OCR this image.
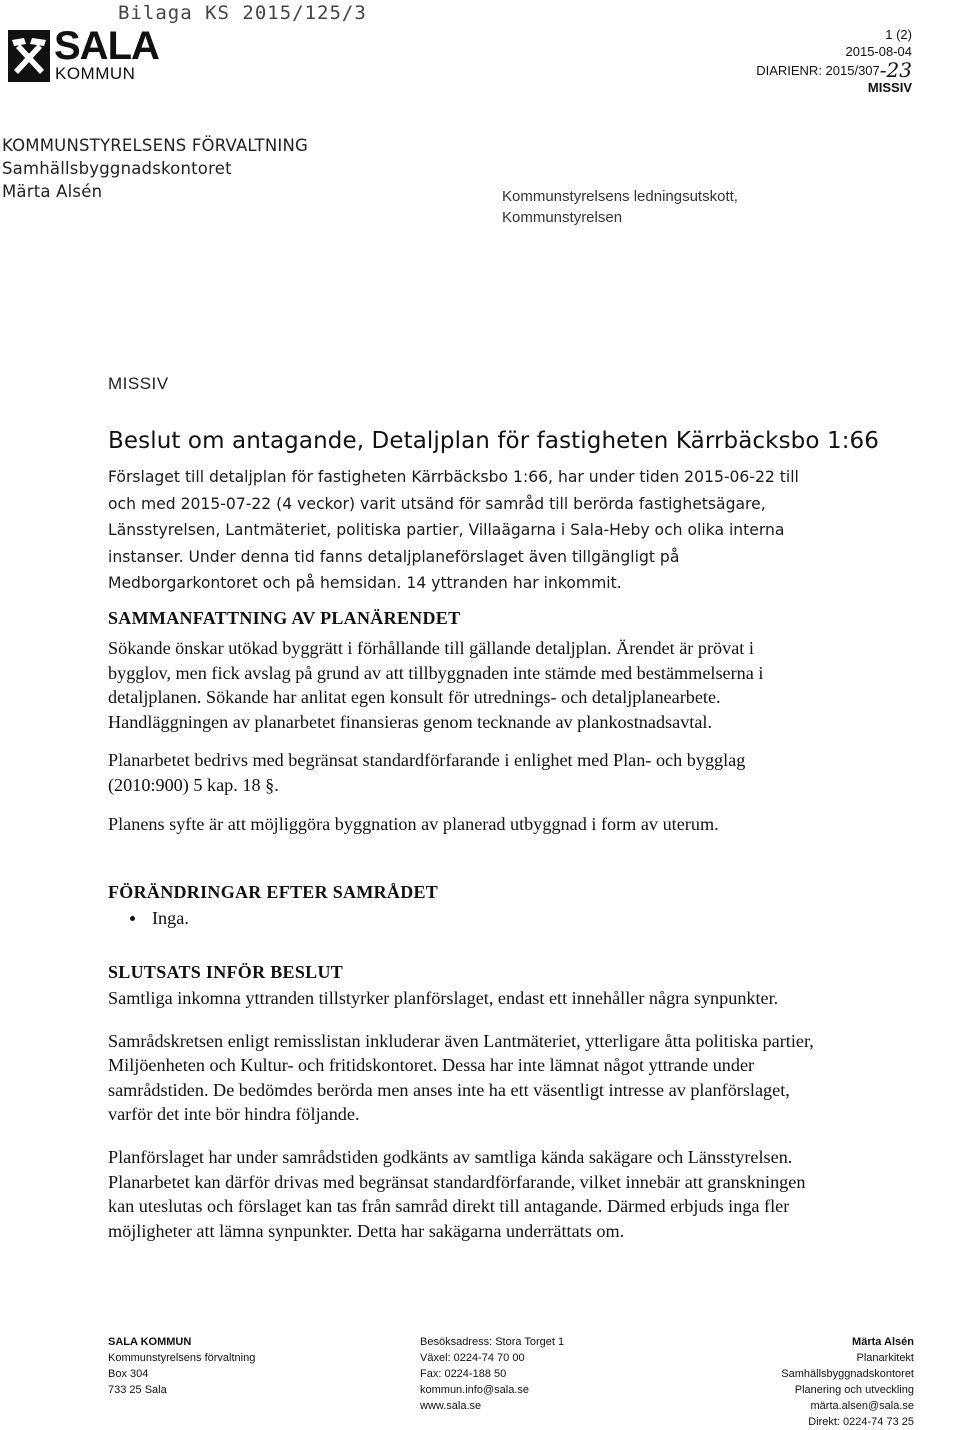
Bilaga KS 2015/125/3
SALA
KOMMUN
1 (2)
2015-08-04
DIARIENR: 2015/307-23
MISSIV
KOMMUNSTYRELSENS FÖRVALTNING
Samhällsbyggnadskontoret
Märta Alsén	Kommunstyrelsens ledningsutskott,
Kommunstyrelsen
MISSIV
Beslut om antagande, Detaljplan för fastigheten Kärrbäcksbo 1:66
Förslaget till detaljplan för fastigheten Kärrbäcksbo 1:66, har under tiden 2015-06-22 till och med 2015-07-22 (4 veckor) varit utsänd för samråd till berörda fastighetsägare, Länsstyrelsen, Lantmäteriet, politiska partier, Villaägarna i Sala-Heby och olika interna instanser. Under denna tid fanns detaljplaneförslaget även tillgängligt på Medborgarkontoret och på hemsidan. 14 yttranden har inkommit.
SAMMANFATTNING AV PLANÄRENDET

Sökande önskar utökad byggrätt i förhållande till gällande detaljplan. Ärendet är prövat i bygglov, men fick avslag på grund av att tillbyggnaden inte stämde med bestämmelserna i detaljplanen. Sökande har anlitat egen konsult för utrednings- och detaljplanearbete. Handläggningen av planarbetet finansieras genom tecknande av plankostnadsavtal.

Planarbetet bedrivs med begränsat standardförfarande i enlighet med Plan- och bygglag (2010:900) 5 kap. 18 §.

Planens syfte är att möjliggöra byggnation av planerad utbyggnad i form av uterum.

FÖRÄNDRINGAR EFTER SAMRÅDET
Inga.
SLUTSATS INFÖR BESLUT

Samtliga inkomna yttranden tillstyrker planförslaget, endast ett innehåller några synpunkter.

Samrådskretsen enligt remisslistan inkluderar även Lantmäteriet, ytterligare åtta politiska partier, Miljöenheten och Kultur- och fritidskontoret. Dessa har inte lämnat något yttrande under samrådstiden. De bedömdes berörda men anses inte ha ett väsentligt intresse av planförslaget, varför det inte bör hindra följande.

Planförslaget har under samrådstiden godkänts av samtliga kända sakägare och Länsstyrelsen. Planarbetet kan därför drivas med begränsat standardförfarande, vilket innebär att granskningen kan uteslutas och förslaget kan tas från samråd direkt till antagande. Därmed erbjuds inga fler möjligheter att lämna synpunkter. Detta har sakägarna underrättats om.

SALA KOMMUN
Kommunstyrelsens förvaltning
Box 304
733 25 Sala
Besöksadress: Stora Torget 1
Växel: 0224-74 70 00
Fax: 0224-188 50
kommun.info@sala.se
www.sala.se
Märta Alsén
Planarkitekt
Samhällsbyggnadskontoret
Planering och utveckling
märta.alsen@sala.se
Direkt: 0224-74 73 25
